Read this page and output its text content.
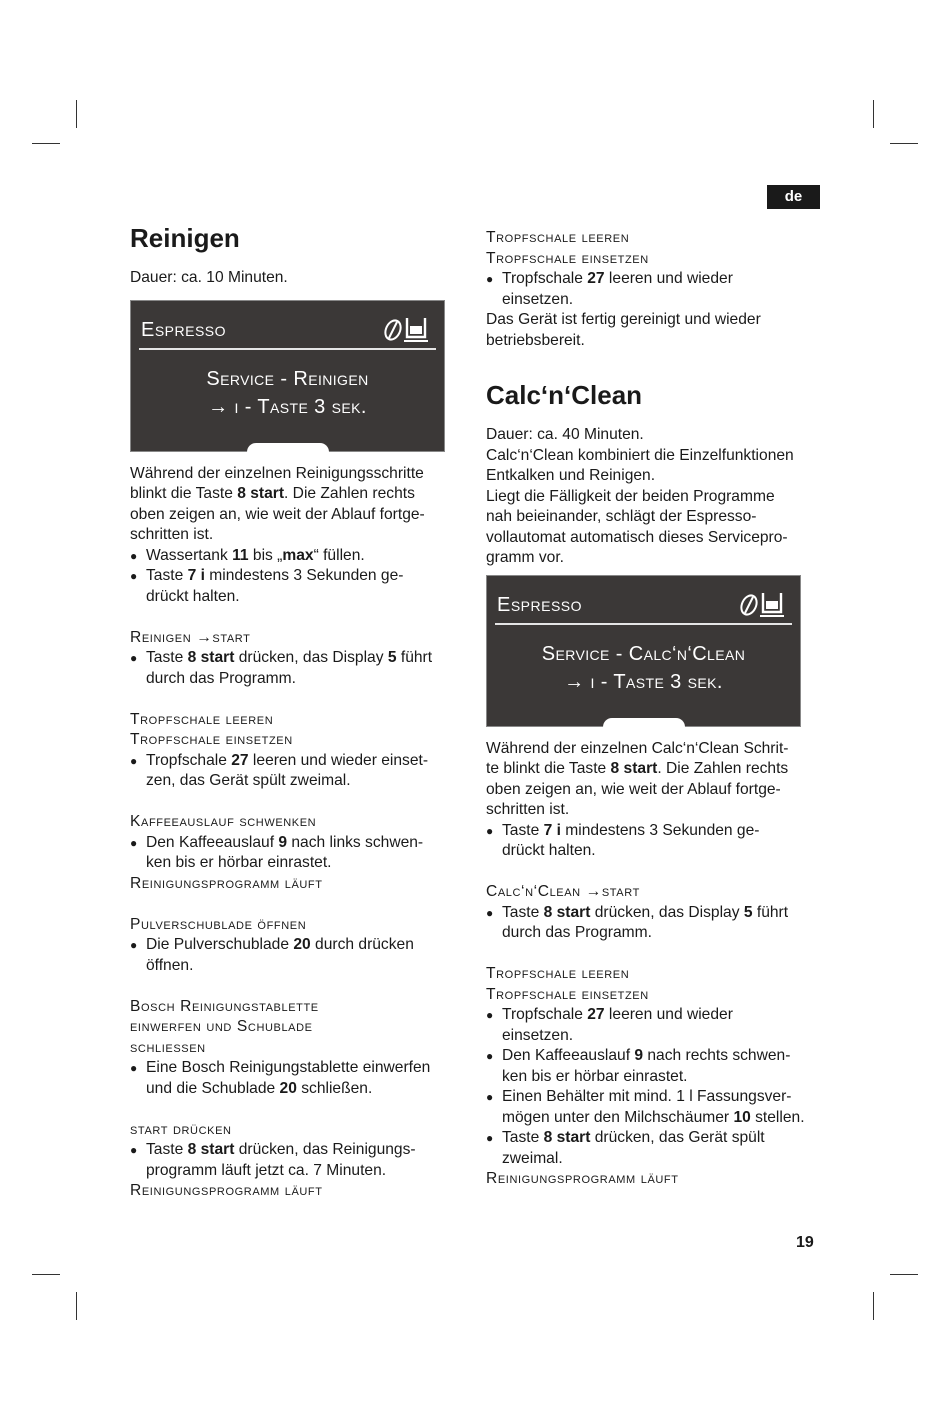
de
Reinigen

Dauer: ca. 10 Minuten.

Espresso
Service - Reinigen
→ i - Taste 3 sek.

Während der einzelnen Reinigungsschritte
blinkt die Taste 8 start. Die Zahlen rechts
oben zeigen an, wie weit der Ablauf fortge-
schritten ist.

● Wassertank 11 bis „max“ füllen.

● Taste 7 i mindestens 3 Sekunden ge-
drückt halten.

Reinigen →start

● Taste 8 start drücken, das Display 5 führt
durch das Programm.

Tropfschale leeren

Tropfschale einsetzen

● Tropfschale 27 leeren und wieder einset-
zen, das Gerät spült zweimal.

Kaffeeauslauf schwenken

● Den Kaffeeauslauf 9 nach links schwen-
ken bis er hörbar einrastet.

Reinigungsprogramm läuft

Pulverschublade öffnen

● Die Pulverschublade 20 durch drücken
öffnen.

Bosch Reinigungstablette

einwerfen und Schublade

schliessen

● Eine Bosch Reinigungstablette einwerfen
und die Schublade 20 schließen.

start drücken

● Taste 8 start drücken, das Reinigungs-
programm läuft jetzt ca. 7 Minuten.

Reinigungsprogramm läuft

Tropfschale leeren

Tropfschale einsetzen

● Tropfschale 27 leeren und wieder
einsetzen.

Das Gerät ist fertig gereinigt und wieder
betriebsbereit.

Calc‘n‘Clean

Dauer: ca. 40 Minuten.

Calc‘n‘Clean kombiniert die Einzelfunktionen
Entkalken und Reinigen.
Liegt die Fälligkeit der beiden Programme
nah beieinander, schlägt der Espresso-
vollautomat automatisch dieses Servicepro-
gramm vor.

Espresso
Service - Calc‘n‘Clean
→ i - Taste 3 sek.

Während der einzelnen Calc‘n‘Clean Schrit-
te blinkt die Taste 8 start. Die Zahlen rechts
oben zeigen an, wie weit der Ablauf fortge-
schritten ist.

● Taste 7 i mindestens 3 Sekunden ge-
drückt halten.

Calc‘n‘Clean →start

● Taste 8 start drücken, das Display 5 führt
durch das Programm.

Tropfschale leeren

Tropfschale einsetzen

● Tropfschale 27 leeren und wieder
einsetzen.

● Den Kaffeeauslauf 9 nach rechts schwen-
ken bis er hörbar einrastet.

● Einen Behälter mit mind. 1 l Fassungsver-
mögen unter den Milchschäumer 10 stellen.

● Taste 8 start drücken, das Gerät spült
zweimal.

Reinigungsprogramm läuft

19
